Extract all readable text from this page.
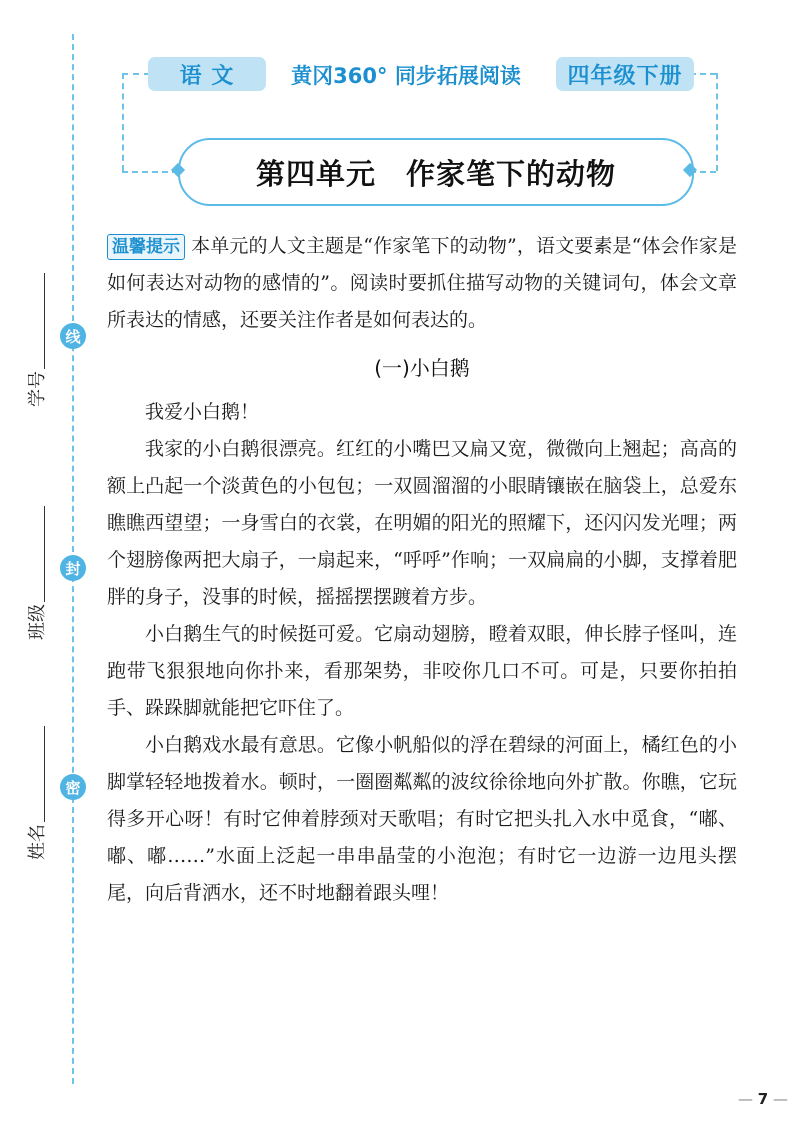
学号
班级
姓名
线
封
密
语 文	黄冈360° 同步拓展阅读	四年级下册
第四单元　作家笔下的动物
温馨提示 本单元的人文主题是“作家笔下的动物”，语文要素是“体会作家是如何表达对动物的感情的”。阅读时要抓住描写动物的关键词句，体会文章所表达的情感，还要关注作者是如何表达的。
(一)小白鹅

我爱小白鹅！

我家的小白鹅很漂亮。红红的小嘴巴又扁又宽，微微向上翘起；高高的额上凸起一个淡黄色的小包包；一双圆溜溜的小眼睛镶嵌在脑袋上，总爱东瞧瞧西望望；一身雪白的衣裳，在明媚的阳光的照耀下，还闪闪发光哩；两个翅膀像两把大扇子，一扇起来，“呼呼”作响；一双扁扁的小脚，支撑着肥胖的身子，没事的时候，摇摇摆摆踱着方步。

小白鹅生气的时候挺可爱。它扇动翅膀，瞪着双眼，伸长脖子怪叫，连跑带飞狠狠地向你扑来，看那架势，非咬你几口不可。可是，只要你拍拍手、跺跺脚就能把它吓住了。

小白鹅戏水最有意思。它像小帆船似的浮在碧绿的河面上，橘红色的小脚掌轻轻地拨着水。顿时，一圈圈粼粼的波纹徐徐地向外扩散。你瞧，它玩得多开心呀！有时它伸着脖颈对天歌唱；有时它把头扎入水中觅食，“嘟、嘟、嘟……”水面上泛起一串串晶莹的小泡泡；有时它一边游一边甩头摆尾，向后背洒水，还不时地翻着跟头哩！

— 7 —
